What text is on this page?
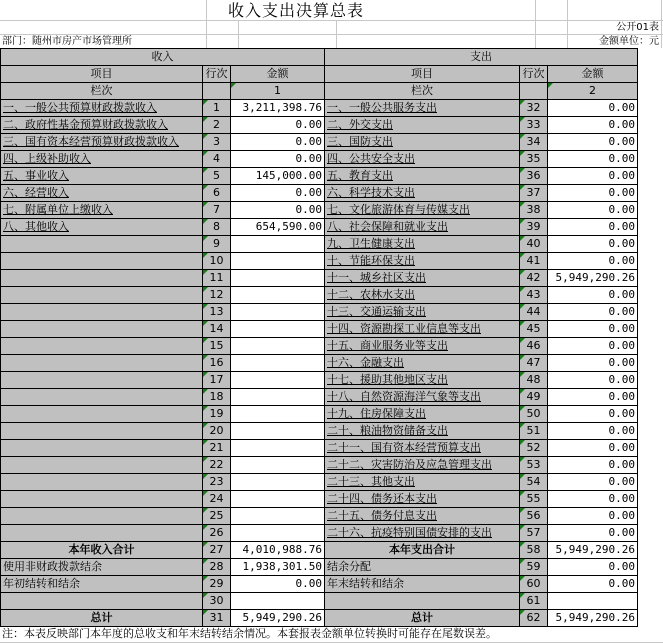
收入支出决算总表
公开01表
部门：随州市房产市场管理所	金额单位：元
收入			支出		
项目	行次	金额	项目	行次	金额
栏次		1	栏次		2
一、一般公共预算财政拨款收入	1	3,211,398.76	一、一般公共服务支出	32	0.00
二、政府性基金预算财政拨款收入	2	0.00	二、外交支出	33	0.00
三、国有资本经营预算财政拨款收入	3	0.00	三、国防支出	34	0.00
四、上级补助收入	4	0.00	四、公共安全支出	35	0.00
五、事业收入	5	145,000.00	五、教育支出	36	0.00
六、经营收入	6	0.00	六、科学技术支出	37	0.00
七、附属单位上缴收入	7	0.00	七、文化旅游体育与传媒支出	38	0.00
八、其他收入	8	654,590.00	八、社会保障和就业支出	39	0.00
	9		九、卫生健康支出	40	0.00
	10		十、节能环保支出	41	0.00
	11		十一、城乡社区支出	42	5,949,290.26
	12		十二、农林水支出	43	0.00
	13		十三、交通运输支出	44	0.00
	14		十四、资源勘探工业信息等支出	45	0.00
	15		十五、商业服务业等支出	46	0.00
	16		十六、金融支出	47	0.00
	17		十七、援助其他地区支出	48	0.00
	18		十八、自然资源海洋气象等支出	49	0.00
	19		十九、住房保障支出	50	0.00
	20		二十、粮油物资储备支出	51	0.00
	21		二十一、国有资本经营预算支出	52	0.00
	22		二十二、灾害防治及应急管理支出	53	0.00
	23		二十三、其他支出	54	0.00
	24		二十四、债务还本支出	55	0.00
	25		二十五、债务付息支出	56	0.00
	26		二十六、抗疫特别国债安排的支出	57	0.00
本年收入合计	27	4,010,988.76	本年支出合计	58	5,949,290.26
使用非财政拨款结余	28	1,938,301.50	结余分配	59	0.00
年初结转和结余	29	0.00	年末结转和结余	60	0.00
	30			61	
总计	31	5,949,290.26	总计	62	5,949,290.26
注：本表反映部门本年度的总收支和年末结转结余情况。本套报表金额单位转换时可能存在尾数误差。
